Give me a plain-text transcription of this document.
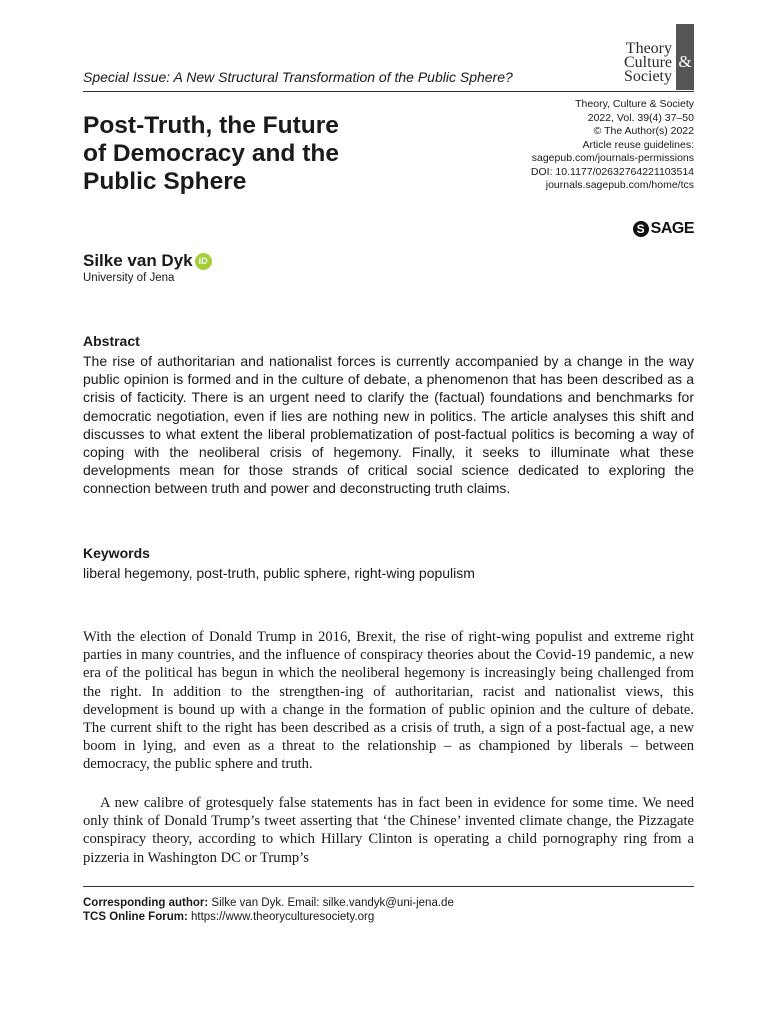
Theory
Culture
Society
&
Special Issue: A New Structural Transformation of the Public Sphere?
Post-Truth, the Future
of Democracy and the
Public Sphere
Theory, Culture & Society
2022, Vol. 39(4) 37–50
© The Author(s) 2022
Article reuse guidelines:
sagepub.com/journals-permissions
DOI: 10.1177/02632764221103514
journals.sagepub.com/home/tcs
S SAGE
Silke van Dyk iD
University of Jena
Abstract
The rise of authoritarian and nationalist forces is currently accompanied by a change in the way public opinion is formed and in the culture of debate, a phenomenon that has been described as a crisis of facticity. There is an urgent need to clarify the (factual) foundations and benchmarks for democratic negotiation, even if lies are nothing new in politics. The article analyses this shift and discusses to what extent the liberal problematization of post-factual politics is becoming a way of coping with the neoliberal crisis of hegemony. Finally, it seeks to illuminate what these developments mean for those strands of critical social science dedicated to exploring the connection between truth and power and deconstructing truth claims.
Keywords
liberal hegemony, post-truth, public sphere, right-wing populism
With the election of Donald Trump in 2016, Brexit, the rise of right-wing populist and extreme right parties in many countries, and the influence of conspiracy theories about the Covid-19 pandemic, a new era of the political has begun in which the neoliberal hegemony is increasingly being challenged from the right. In addition to the strengthen-ing of authoritarian, racist and nationalist views, this development is bound up with a change in the formation of public opinion and the culture of debate. The current shift to the right has been described as a crisis of truth, a sign of a post-factual age, a new boom in lying, and even as a threat to the relationship – as championed by liberals – between democracy, the public sphere and truth.
A new calibre of grotesquely false statements has in fact been in evidence for some time. We need only think of Donald Trump’s tweet asserting that ‘the Chinese’ invented climate change, the Pizzagate conspiracy theory, according to which Hillary Clinton is operating a child pornography ring from a pizzeria in Washington DC or Trump’s
Corresponding author: Silke van Dyk. Email: silke.vandyk@uni-jena.de
TCS Online Forum: https://www.theoryculturesociety.org
